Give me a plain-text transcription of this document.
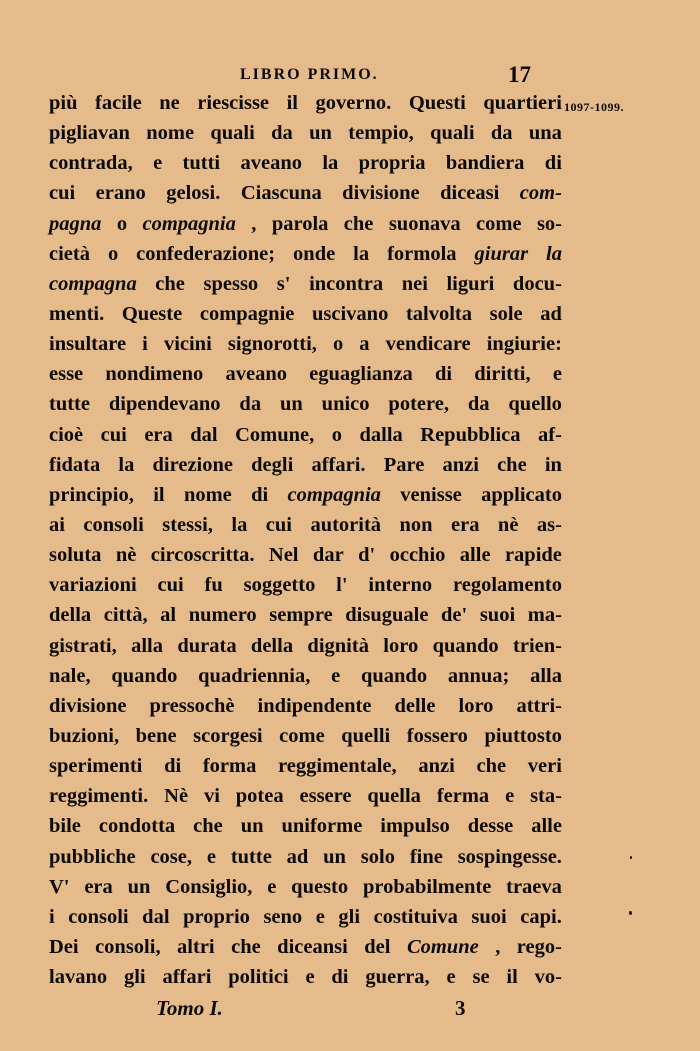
LIBRO PRIMO.	17
1097-1099.
più facile ne riescisse il governo. Questi quartieri
pigliavan nome quali da un tempio, quali da una
contrada, e tutti aveano la propria bandiera di
cui erano gelosi. Ciascuna divisione diceasi com-
pagna o compagnia , parola che suonava come so-
cietà o confederazione; onde la formola giurar la
compagna che spesso s' incontra nei liguri docu-
menti. Queste compagnie uscivano talvolta sole ad
insultare i vicini signorotti, o a vendicare ingiurie:
esse nondimeno aveano eguaglianza di diritti, e
tutte dipendevano da un unico potere, da quello
cioè cui era dal Comune, o dalla Repubblica af-
fidata la direzione degli affari. Pare anzi che in
principio, il nome di compagnia venisse applicato
ai consoli stessi, la cui autorità non era nè as-
soluta nè circoscritta. Nel dar d' occhio alle rapide
variazioni cui fu soggetto l' interno regolamento
della città, al numero sempre disuguale de' suoi ma-
gistrati, alla durata della dignità loro quando trien-
nale, quando quadriennia, e quando annua; alla
divisione pressochè indipendente delle loro attri-
buzioni, bene scorgesi come quelli fossero piuttosto
sperimenti di forma reggimentale, anzi che veri
reggimenti. Nè vi potea essere quella ferma e sta-
bile condotta che un uniforme impulso desse alle
pubbliche cose, e tutte ad un solo fine sospingesse.
V' era un Consiglio, e questo probabilmente traeva
i consoli dal proprio seno e gli costituiva suoi capi.
Dei consoli, altri che diceansi del Comune , rego-
lavano gli affari politici e di guerra, e se il vo-
Tomo I.	3
